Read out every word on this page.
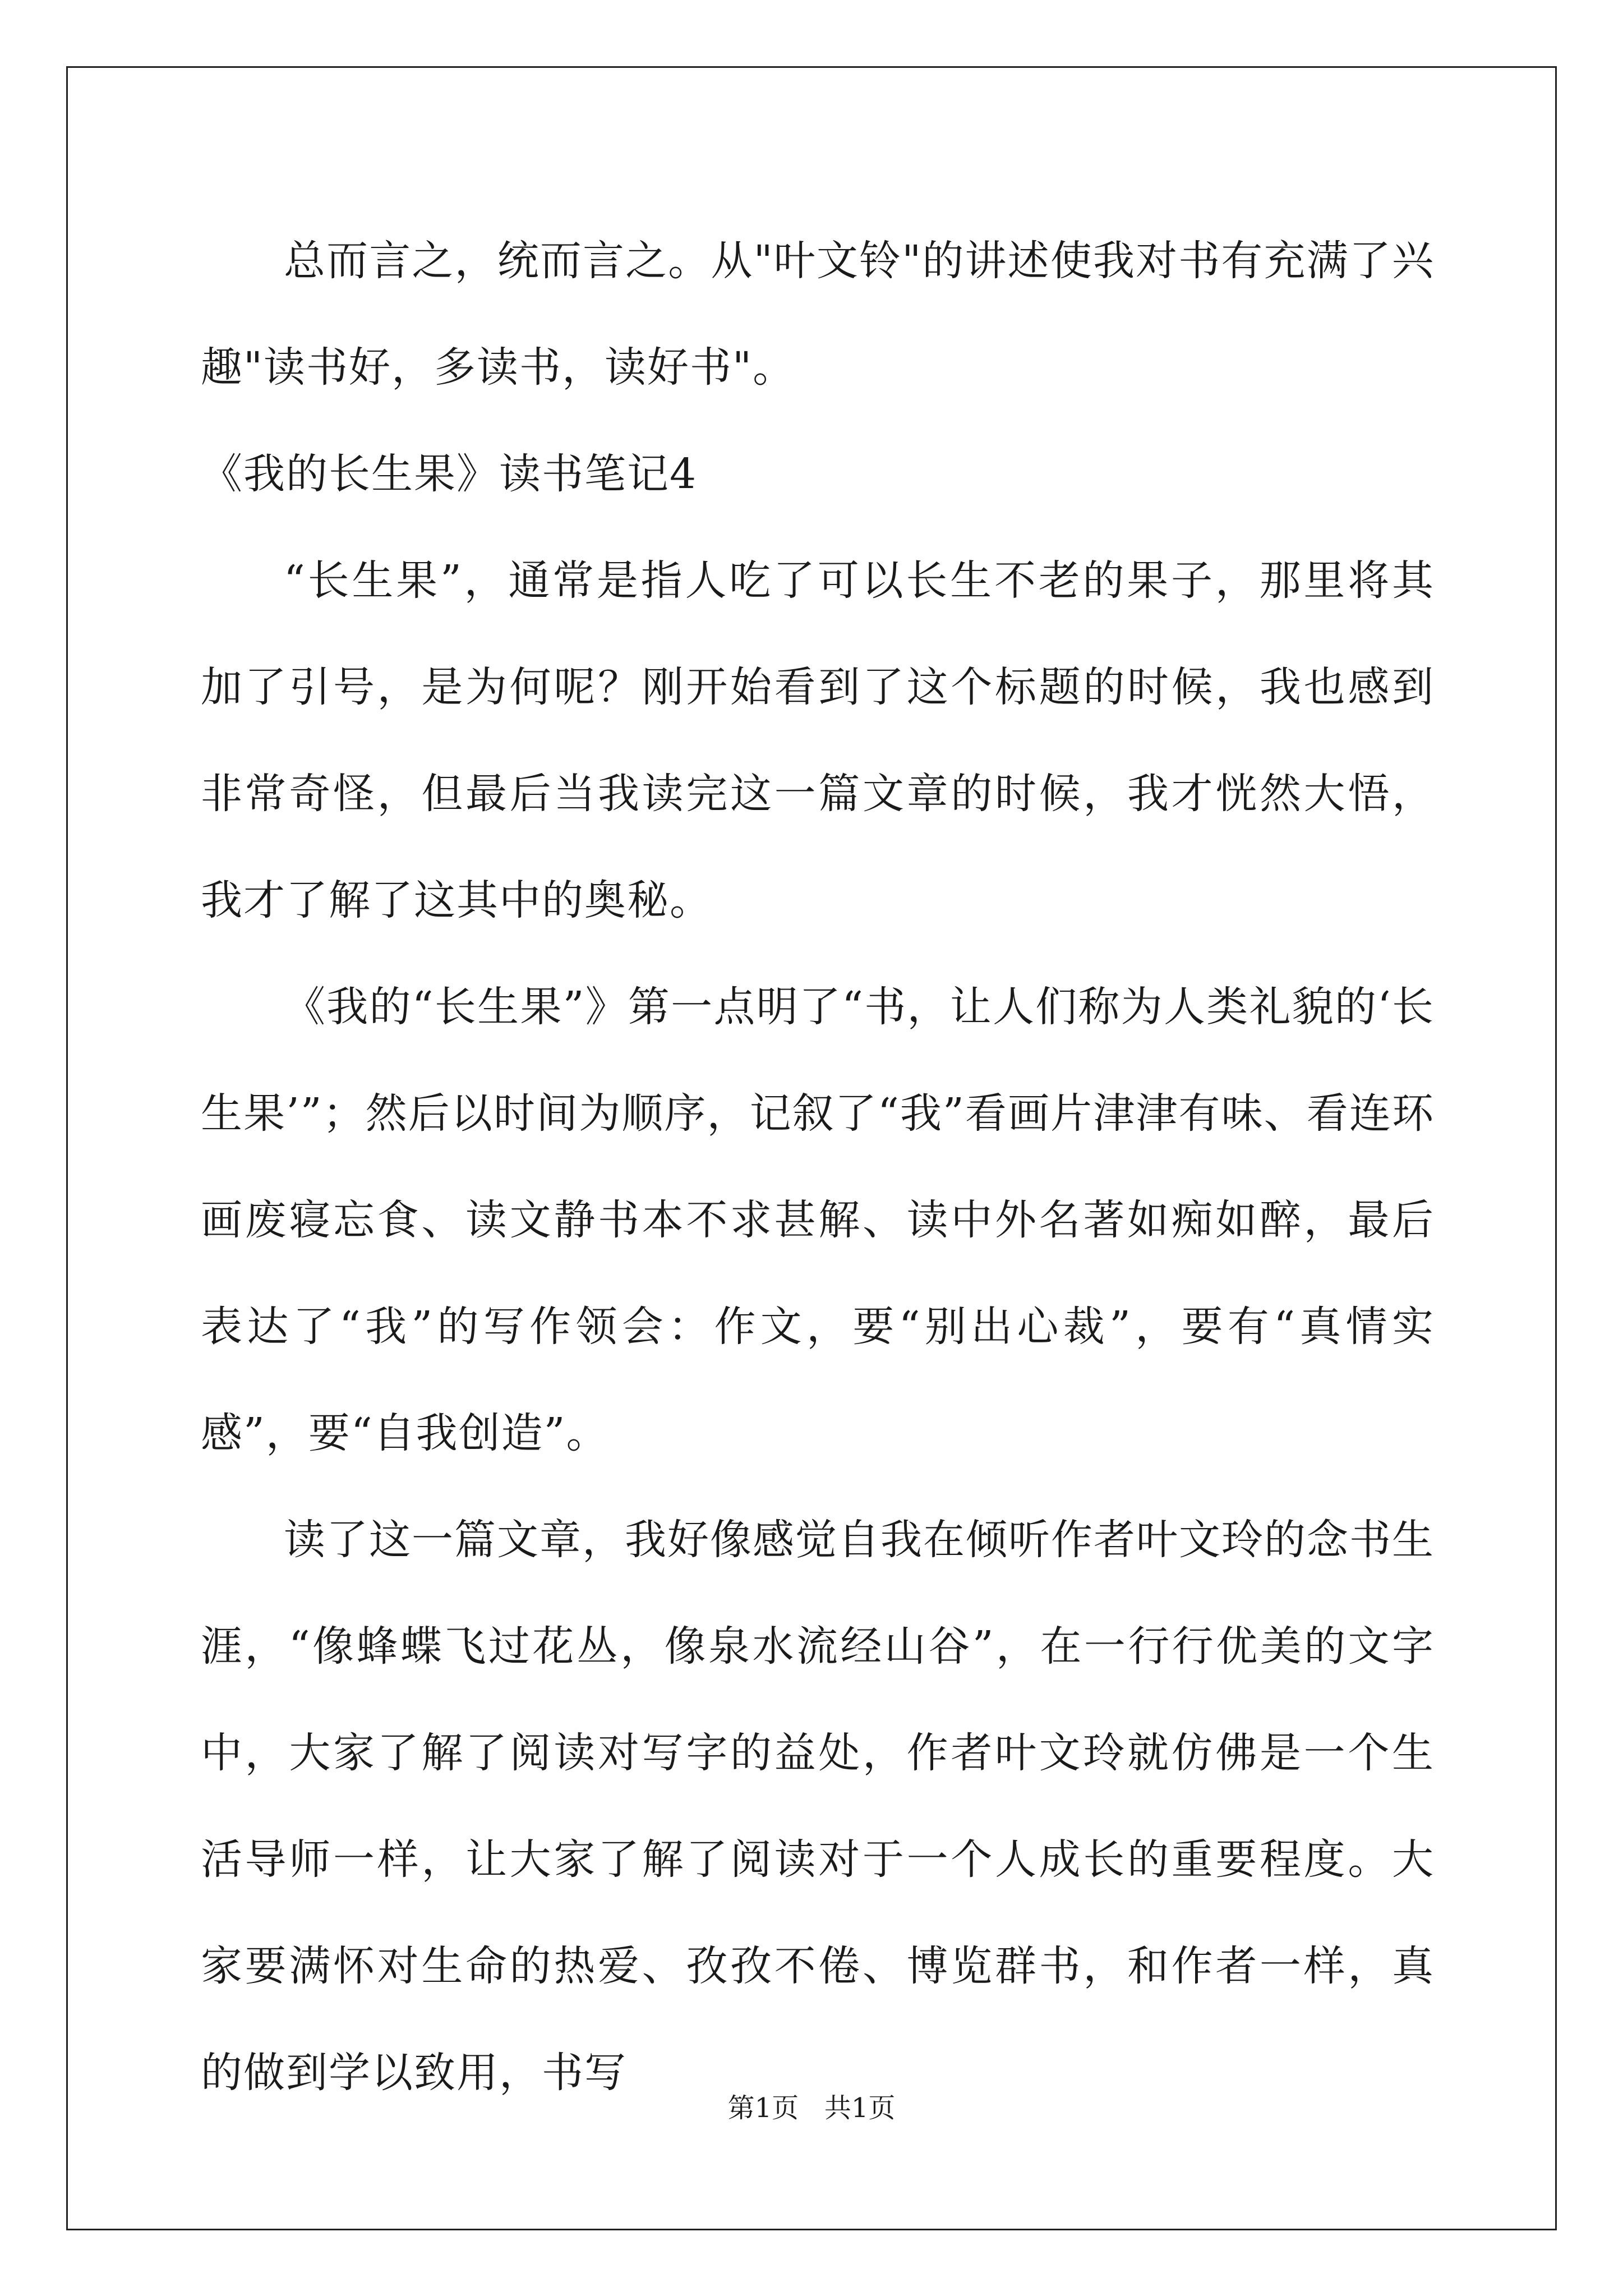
总而言之，统而言之。从"叶文铃"的讲述使我对书有充满了兴趣"读书好，多读书，读好书"。

《我的长生果》读书笔记4

“长生果”，通常是指人吃了可以长生不老的果子，那里将其加了引号，是为何呢？刚开始看到了这个标题的时候，我也感到非常奇怪，但最后当我读完这一篇文章的时候，我才恍然大悟，我才了解了这其中的奥秘。

《我的“长生果”》第一点明了“书，让人们称为人类礼貌的‘长生果’”；然后以时间为顺序，记叙了“我”看画片津津有味、看连环画废寝忘食、读文静书本不求甚解、读中外名著如痴如醉，最后表达了“我”的写作领会：作文，要“别出心裁”，要有“真情实感”，要“自我创造”。

读了这一篇文章，我好像感觉自我在倾听作者叶文玲的念书生涯，“像蜂蝶飞过花丛，像泉水流经山谷”，在一行行优美的文字中，大家了解了阅读对写字的益处，作者叶文玲就仿佛是一个生活导师一样，让大家了解了阅读对于一个人成长的重要程度。大家要满怀对生命的热爱、孜孜不倦、博览群书，和作者一样，真的做到学以致用，书写

第1页 共1页
